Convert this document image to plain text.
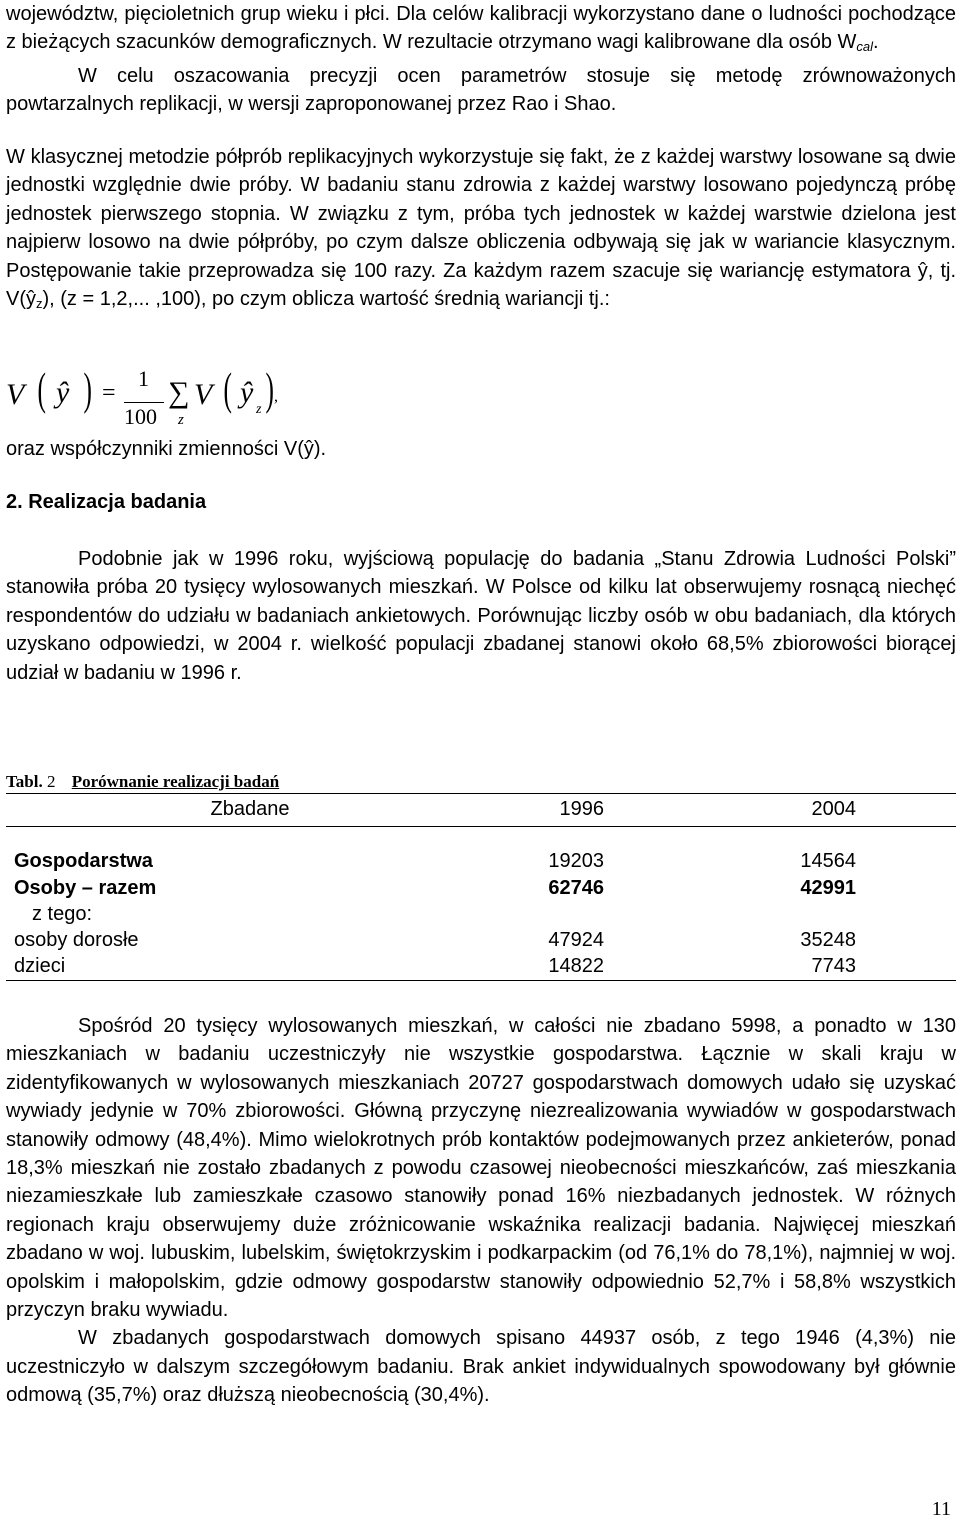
województw, pięcioletnich grup wieku i płci. Dla celów kalibracji wykorzystano dane o ludności pochodzące z bieżących szacunków demograficznych. W rezultacie otrzymano wagi kalibrowane dla osób $W_{cal}$.
W celu oszacowania precyzji ocen parametrów stosuje się metodę zrównoważonych powtarzalnych replikacji, w wersji zaproponowanej przez Rao i Shao.
W klasycznej metodzie półprób replikacyjnych wykorzystuje się fakt, że z każdej warstwy losowane są dwie jednostki względnie dwie próby. W badaniu stanu zdrowia z każdej warstwy losowano pojedynczą próbę jednostek pierwszego stopnia. W związku z tym, próba tych jednostek w każdej warstwie dzielona jest najpierw losowo na dwie półpróby, po czym dalsze obliczenia odbywają się jak w wariancie klasycznym. Postępowanie takie przeprowadza się 100 razy. Za każdym razem szacuje się wariancję estymatora ŷ, tj. $V(ŷ_z)$, (z = 1,2,... ,100), po czym oblicza wartość średnią wariancji tj.:
V ( ŷ ) =
1
100
∑
z
V ( ŷ
z ) ,
oraz współczynniki zmienności V(ŷ).
2. Realizacja badania
Podobnie jak w 1996 roku, wyjściową populację do badania „Stanu Zdrowia Ludności Polski” stanowiła próba 20 tysięcy wylosowanych mieszkań. W Polsce od kilku lat obserwujemy rosnącą niechęć respondentów do udziału w badaniach ankietowych. Porównując liczby osób w obu badaniach, dla których uzyskano odpowiedzi, w 2004 r. wielkość populacji zbadanej stanowi około 68,5% zbiorowości biorącej udział w badaniu w 1996 r.
Tabl. 2 Porównanie realizacji badań
Zbadane	1996	2004
Gospodarstwa	19203	14564
Osoby – razem	62746	42991
z tego:
osoby dorosłe	47924	35248
dzieci	14822	7743
Spośród 20 tysięcy wylosowanych mieszkań, w całości nie zbadano 5998, a ponadto w 130 mieszkaniach w badaniu uczestniczyły nie wszystkie gospodarstwa. Łącznie w skali kraju w zidentyfikowanych w wylosowanych mieszkaniach 20727 gospodarstwach domowych udało się uzyskać wywiady jedynie w 70% zbiorowości. Główną przyczynę niezrealizowania wywiadów w gospodarstwach stanowiły odmowy (48,4%). Mimo wielokrotnych prób kontaktów podejmowanych przez ankieterów, ponad 18,3% mieszkań nie zostało zbadanych z powodu czasowej nieobecności mieszkańców, zaś mieszkania niezamieszkałe lub zamieszkałe czasowo stanowiły ponad 16% niezbadanych jednostek. W różnych regionach kraju obserwujemy duże zróżnicowanie wskaźnika realizacji badania. Najwięcej mieszkań zbadano w woj. lubuskim, lubelskim, świętokrzyskim i podkarpackim (od 76,1% do 78,1%), najmniej w woj. opolskim i małopolskim, gdzie odmowy gospodarstw stanowiły odpowiednio 52,7% i 58,8% wszystkich przyczyn braku wywiadu.
W zbadanych gospodarstwach domowych spisano 44937 osób, z tego 1946 (4,3%) nie uczestniczyło w dalszym szczegółowym badaniu. Brak ankiet indywidualnych spowodowany był głównie odmową (35,7%) oraz dłuższą nieobecnością (30,4%).
11
